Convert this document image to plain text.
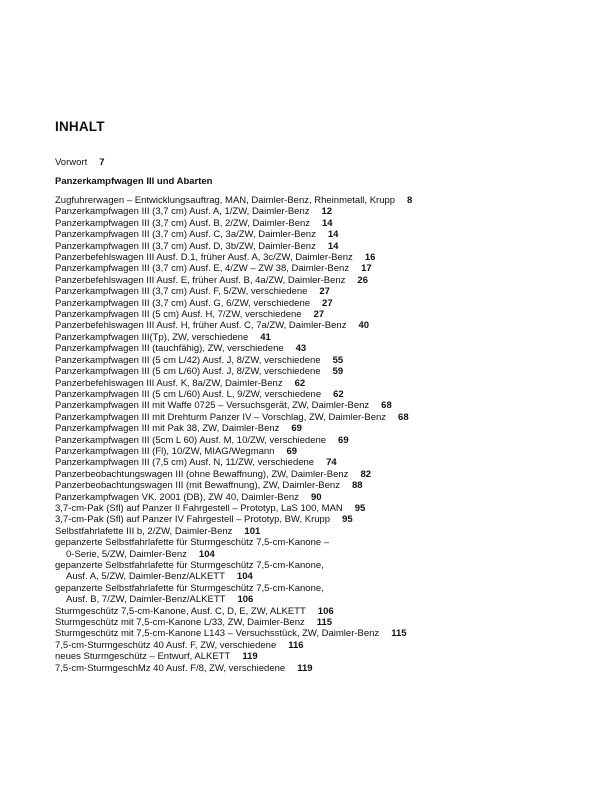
INHALT
Vorwort 7
Panzerkampfwagen III und Abarten
Zugfuhrerwagen – Entwicklungsauftrag, MAN, Daimler-Benz, Rheinmetall, Krupp 8
Panzerkampfwagen III (3,7 cm) Ausf. A, 1/ZW, Daimler-Benz 12
Panzerkampfwagen III (3,7 cm) Ausf. B, 2/ZW, Daimler-Benz 14
Panzerkampfwagen III (3,7 cm) Ausf. C, 3a/ZW, Daimler-Benz 14
Panzerkampfwagen III (3,7 cm) Ausf. D, 3b/ZW, Daimler-Benz 14
Panzerbefehlswagen III Ausf. D.1, früher Ausf. A, 3c/ZW, Daimler-Benz 16
Panzerkampfwagen III (3,7 cm) Ausf. E, 4/ZW – ZW 38, Daimler-Benz 17
Panzerbefehlswagen III Ausf. E, früher Ausf. B, 4a/ZW, Daimler-Benz 26
Panzerkampfwagen III (3,7 cm) Ausf. F, 5/ZW, verschiedene 27
Panzerkampfwagen III (3,7 cm) Ausf. G, 6/ZW, verschiedene 27
Panzerkampfwagen III (5 cm) Ausf. H, 7/ZW, verschiedene 27
Panzerbefehlswagen III Ausf. H, früher Ausf. C, 7a/ZW, Daimler-Benz 40
Panzerkampfwagen III(Tp), ZW, verschiedene 41
Panzerkampfwagen III (tauchfähig), ZW, verschiedene 43
Panzerkampfwagen III (5 cm L/42) Ausf. J, 8/ZW, verschiedene 55
Panzerkampfwagen III (5 cm L/60) Ausf. J, 8/ZW, verschiedene 59
Panzerbefehlswagen III Ausf. K, 8a/ZW, Daimler-Benz 62
Panzerkampfwagen III (5 cm L/60) Ausf. L, 9/ZW, verschiedene 62
Panzerkampfwagen III mit Waffe 0725 – Versuchsgerät, ZW, Daimler-Benz 68
Panzerkampfwagen III mit Drehturm Panzer IV – Vorschlag, ZW, Daimler-Benz 68
Panzerkampfwagen III mit Pak 38, ZW, Daimler-Benz 69
Panzerkampfwagen III (5cm L 60) Ausf. M, 10/ZW, verschiedene 69
Panzerkampfwagen III (Fl), 10/ZW, MIAG/Wegmann 69
Panzerkampfwagen III (7,5 cm) Ausf. N, 11/ZW, verschiedene 74
Panzerbeobachtungswagen III (ohne Bewaffnung), ZW, Daimler-Benz 82
Panzerbeobachtungswagen III (mit Bewaffnung), ZW, Daimler-Benz 88
Panzerkampfwagen VK. 2001 (DB), ZW 40, Daimler-Benz 90
3,7-cm-Pak (Sfl) auf Panzer II Fahrgestell – Prototyp, LaS 100, MAN 95
3,7-cm-Pak (Sfl) auf Panzer IV Fahrgestell – Prototyp, BW, Krupp 95
Selbstfahrlafette III b, 2/ZW, Daimler-Benz 101
gepanzerte Selbstfahrlafette für Sturmgeschütz 7,5-cm-Kanone –
0-Serie, 5/ZW, Daimler-Benz 104
gepanzerte Selbstfahrlafette für Sturmgeschütz 7,5-cm-Kanone,
Ausf. A, 5/ZW, Daimler-Benz/ALKETT 104
gepanzerte Selbstfahrlafette für Sturmgeschütz 7,5-cm-Kanone,
Ausf. B, 7/ZW, Daimler-Benz/ALKETT 106
Sturmgeschütz 7,5-cm-Kanone, Ausf. C, D, E, ZW, ALKETT 106
Sturmgeschütz mit 7,5-cm-Kanone L/33, ZW, Daimler-Benz 115
Sturmgeschütz mit 7,5-cm-Kanone L143 – Versuchsstück, ZW, Daimler-Benz 115
7,5-cm-Sturmgeschütz 40 Ausf. F, ZW, verschiedene 116
neues Sturmgeschütz – Entwurf, ALKETT 119
7,5-cm-SturmgeschMz 40 Ausf. F/8, ZW, verschiedene 119
